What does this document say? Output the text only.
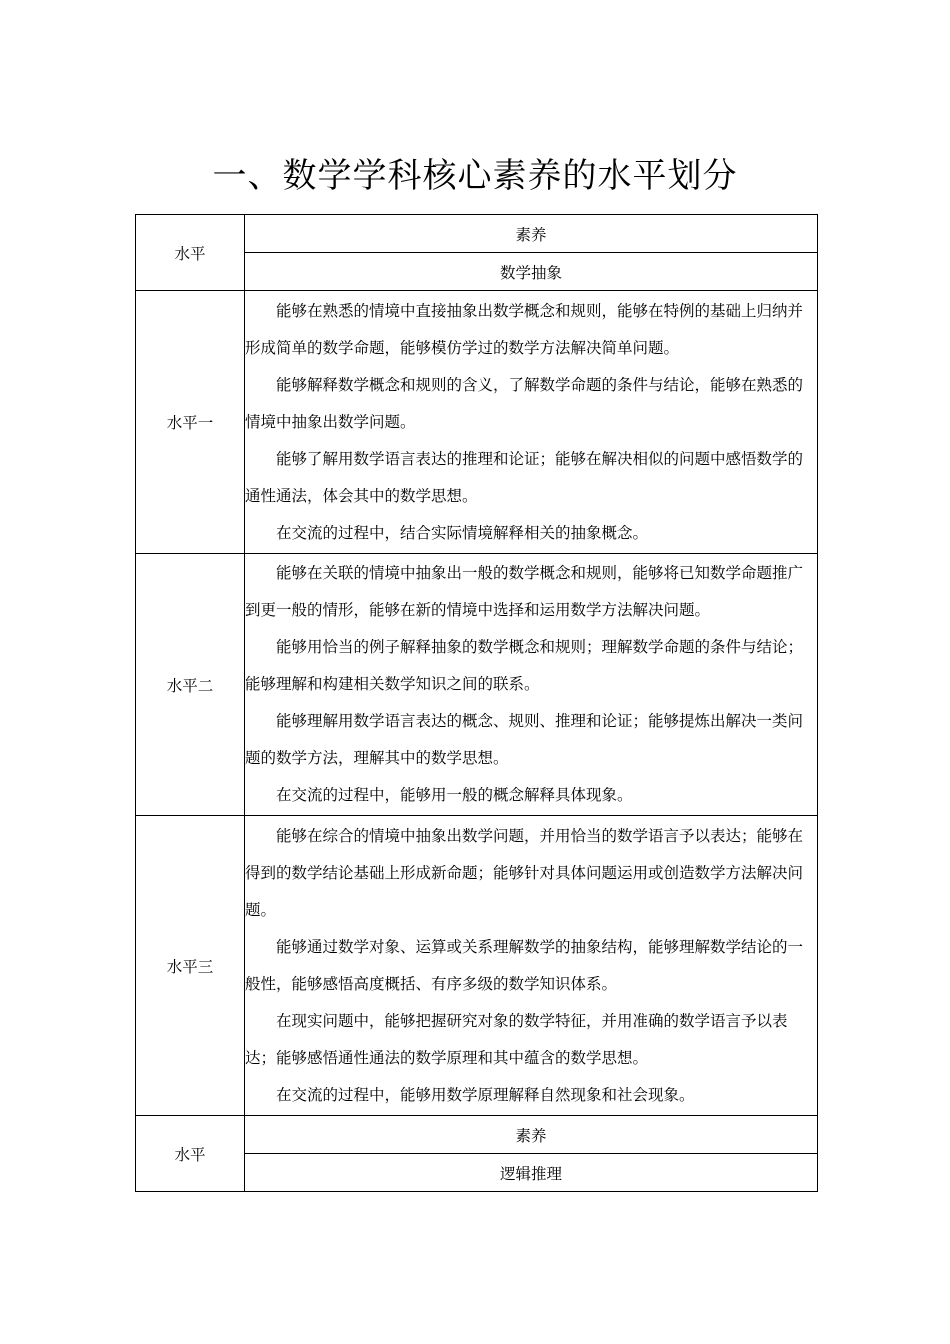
一、数学学科核心素养的水平划分
水平	素养
	数学抽象
水平一	能够在熟悉的情境中直接抽象出数学概念和规则，能够在特例的基础上归纳并形成简单的数学命题，能够模仿学过的数学方法解决简单问题。

能够解释数学概念和规则的含义，了解数学命题的条件与结论，能够在熟悉的情境中抽象出数学问题。

能够了解用数学语言表达的推理和论证；能够在解决相似的问题中感悟数学的通性通法，体会其中的数学思想。

在交流的过程中，结合实际情境解释相关的抽象概念。

水平二	能够在关联的情境中抽象出一般的数学概念和规则，能够将已知数学命题推广到更一般的情形，能够在新的情境中选择和运用数学方法解决问题。

能够用恰当的例子解释抽象的数学概念和规则；理解数学命题的条件与结论；能够理解和构建相关数学知识之间的联系。

能够理解用数学语言表达的概念、规则、推理和论证；能够提炼出解决一类问题的数学方法，理解其中的数学思想。

在交流的过程中，能够用一般的概念解释具体现象。

水平三	能够在综合的情境中抽象出数学问题，并用恰当的数学语言予以表达；能够在得到的数学结论基础上形成新命题；能够针对具体问题运用或创造数学方法解决问题。

能够通过数学对象、运算或关系理解数学的抽象结构，能够理解数学结论的一般性，能够感悟高度概括、有序多级的数学知识体系。

在现实问题中，能够把握研究对象的数学特征，并用准确的数学语言予以表达；能够感悟通性通法的数学原理和其中蕴含的数学思想。

在交流的过程中，能够用数学原理解释自然现象和社会现象。

水平	素养
	逻辑推理
